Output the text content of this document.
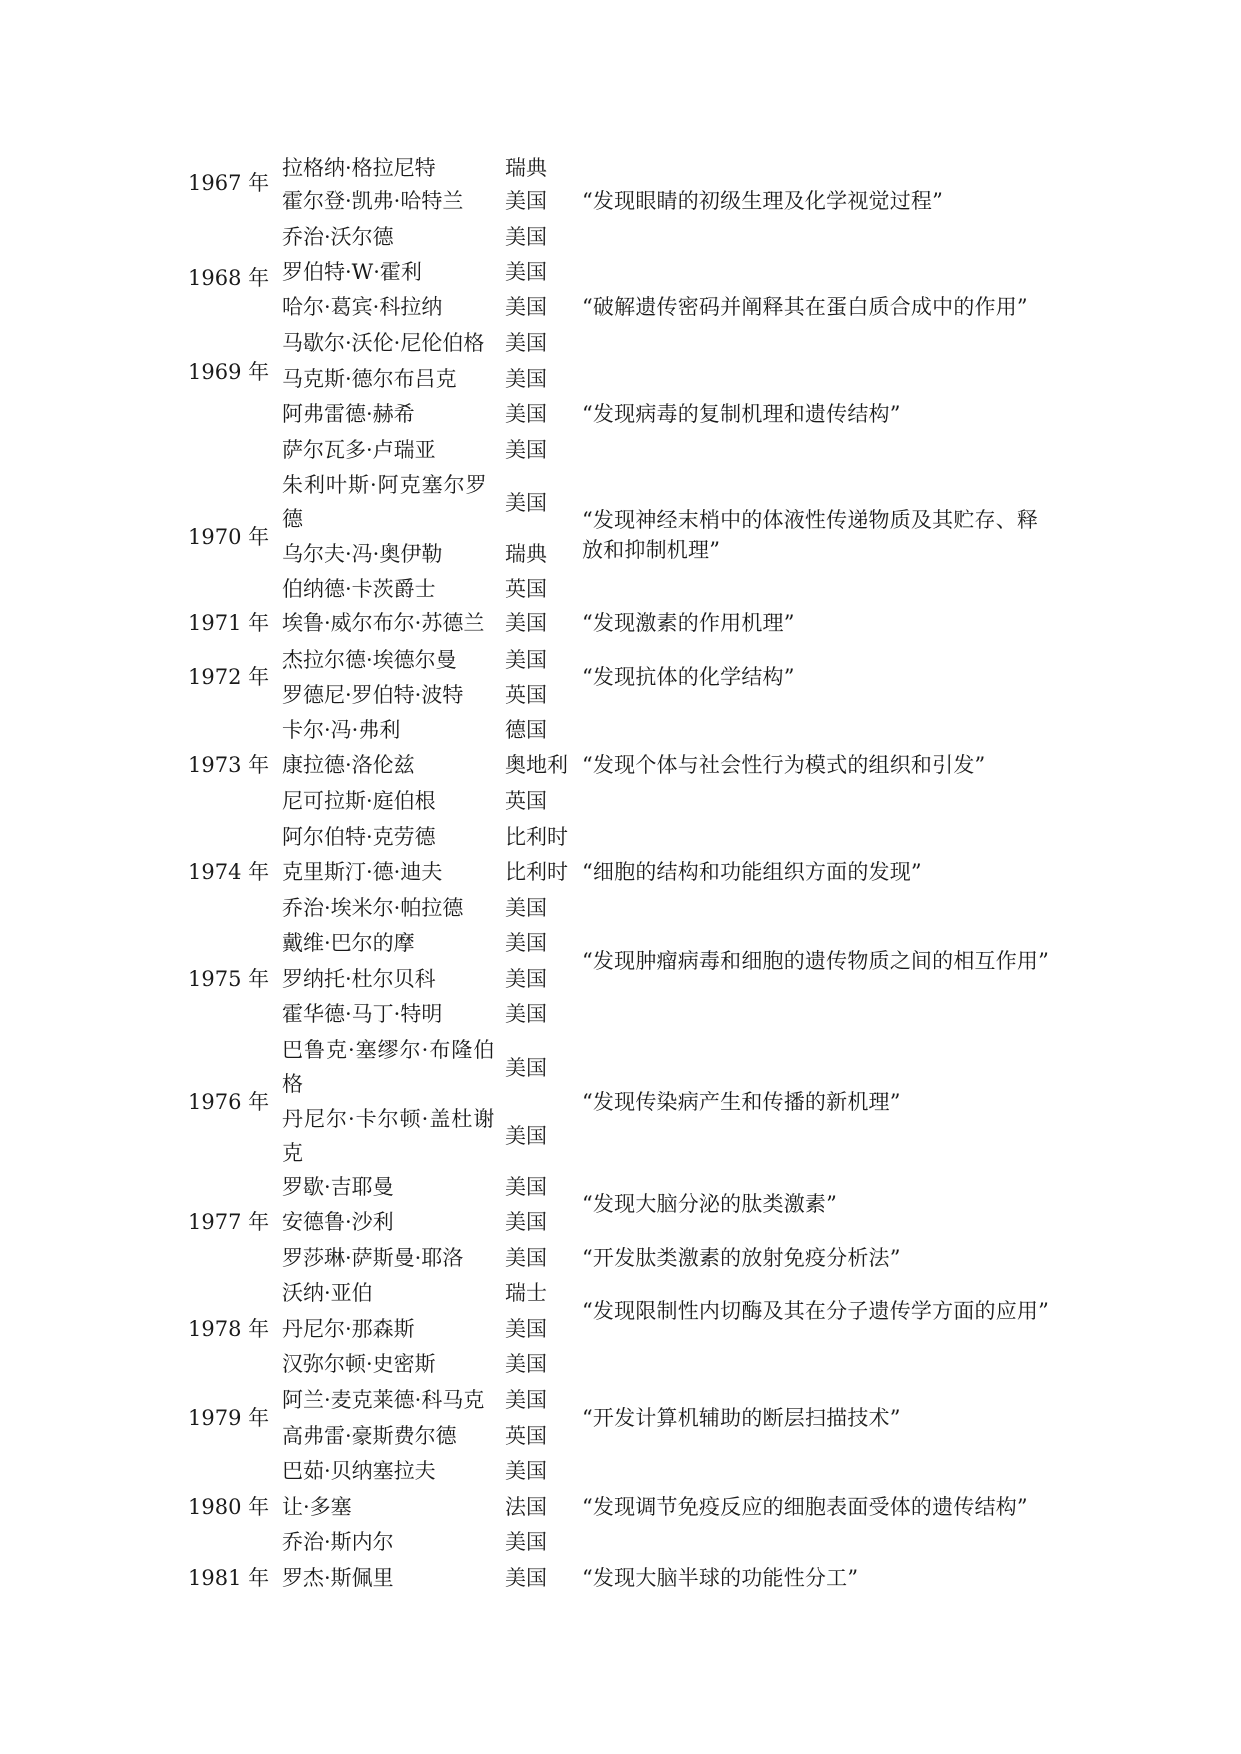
1967 年
1968 年
1969 年
1970 年
1971 年
1972 年
1973 年
1974 年
1975 年
1976 年
1977 年
1978 年
1979 年
1980 年
1981 年
拉格纳·格拉尼特
霍尔登·凯弗·哈特兰
乔治·沃尔德
罗伯特·W·霍利
哈尔·葛宾·科拉纳
马歇尔·沃伦·尼伦伯格
马克斯·德尔布吕克
阿弗雷德·赫希
萨尔瓦多·卢瑞亚
朱利叶斯·阿克塞尔罗德
乌尔夫·冯·奥伊勒
伯纳德·卡茨爵士
埃鲁·威尔布尔·苏德兰
杰拉尔德·埃德尔曼
罗德尼·罗伯特·波特
卡尔·冯·弗利
康拉德·洛伦兹
尼可拉斯·庭伯根
阿尔伯特·克劳德
克里斯汀·德·迪夫
乔治·埃米尔·帕拉德
戴维·巴尔的摩
罗纳托·杜尔贝科
霍华德·马丁·特明
巴鲁克·塞缪尔·布隆伯格
丹尼尔·卡尔顿·盖杜谢克
罗歇·吉耶曼
安德鲁·沙利
罗莎琳·萨斯曼·耶洛
沃纳·亚伯
丹尼尔·那森斯
汉弥尔顿·史密斯
阿兰·麦克莱德·科马克
高弗雷·豪斯费尔德
巴茹·贝纳塞拉夫
让·多塞
乔治·斯内尔
罗杰·斯佩里
瑞典
美国
美国
美国
美国
美国
美国
美国
美国
美国
瑞典
英国
美国
美国
英国
德国
奥地利
英国
比利时
比利时
美国
美国
美国
美国
美国
美国
美国
美国
美国
瑞士
美国
美国
美国
英国
美国
法国
美国
美国
“发现眼睛的初级生理及化学视觉过程”
“破解遗传密码并阐释其在蛋白质合成中的作用”
“发现病毒的复制机理和遗传结构”
“发现神经末梢中的体液性传递物质及其贮存、释放和抑制机理”
“发现激素的作用机理”
“发现抗体的化学结构”
“发现个体与社会性行为模式的组织和引发”
“细胞的结构和功能组织方面的发现”
“发现肿瘤病毒和细胞的遗传物质之间的相互作用”
“发现传染病产生和传播的新机理”
“发现大脑分泌的肽类激素”
“开发肽类激素的放射免疫分析法”
“发现限制性内切酶及其在分子遗传学方面的应用”
“开发计算机辅助的断层扫描技术”
“发现调节免疫反应的细胞表面受体的遗传结构”
“发现大脑半球的功能性分工”
